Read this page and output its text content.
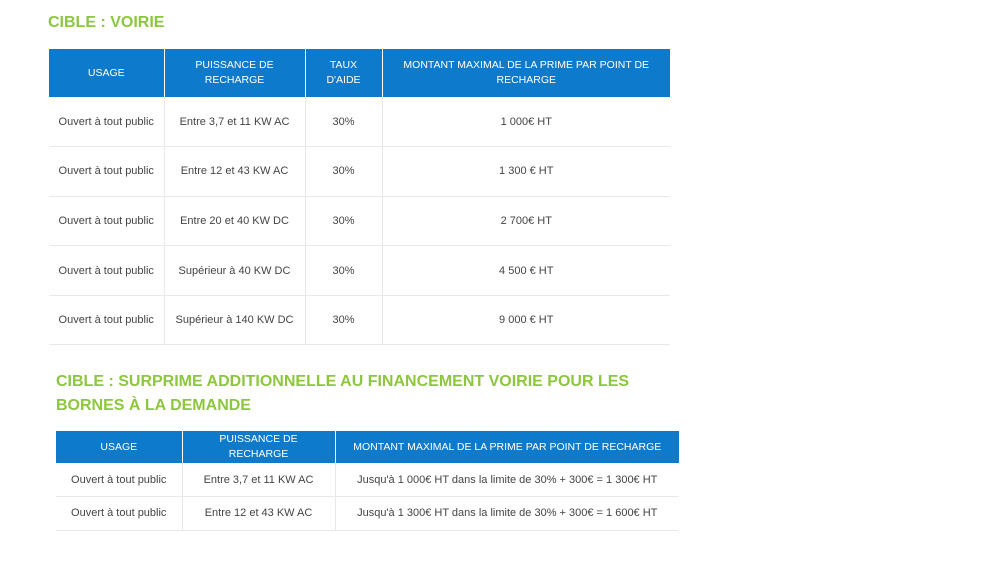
CIBLE : VOIRIE
USAGE	PUISSANCE DE RECHARGE	TAUX D'AIDE	MONTANT MAXIMAL DE LA PRIME PAR POINT DE RECHARGE
Ouvert à tout public	Entre 3,7 et 11 KW AC	30%	1 000€ HT
Ouvert à tout public	Entre 12 et 43 KW AC	30%	1 300 € HT
Ouvert à tout public	Entre 20 et 40 KW DC	30%	2 700€ HT
Ouvert à tout public	Supérieur à 40 KW DC	30%	4 500 € HT
Ouvert à tout public	Supérieur à 140 KW DC	30%	9 000 € HT
CIBLE : SURPRIME ADDITIONNELLE AU FINANCEMENT VOIRIE POUR LES BORNES À LA DEMANDE
USAGE	PUISSANCE DE RECHARGE	MONTANT MAXIMAL DE LA PRIME PAR POINT DE RECHARGE
Ouvert à tout public	Entre 3,7 et 11 KW AC	Jusqu'à 1 000€ HT dans la limite de 30% + 300€ = 1 300€ HT
Ouvert à tout public	Entre 12 et 43 KW AC	Jusqu'à 1 300€ HT dans la limite de 30% + 300€ = 1 600€ HT
